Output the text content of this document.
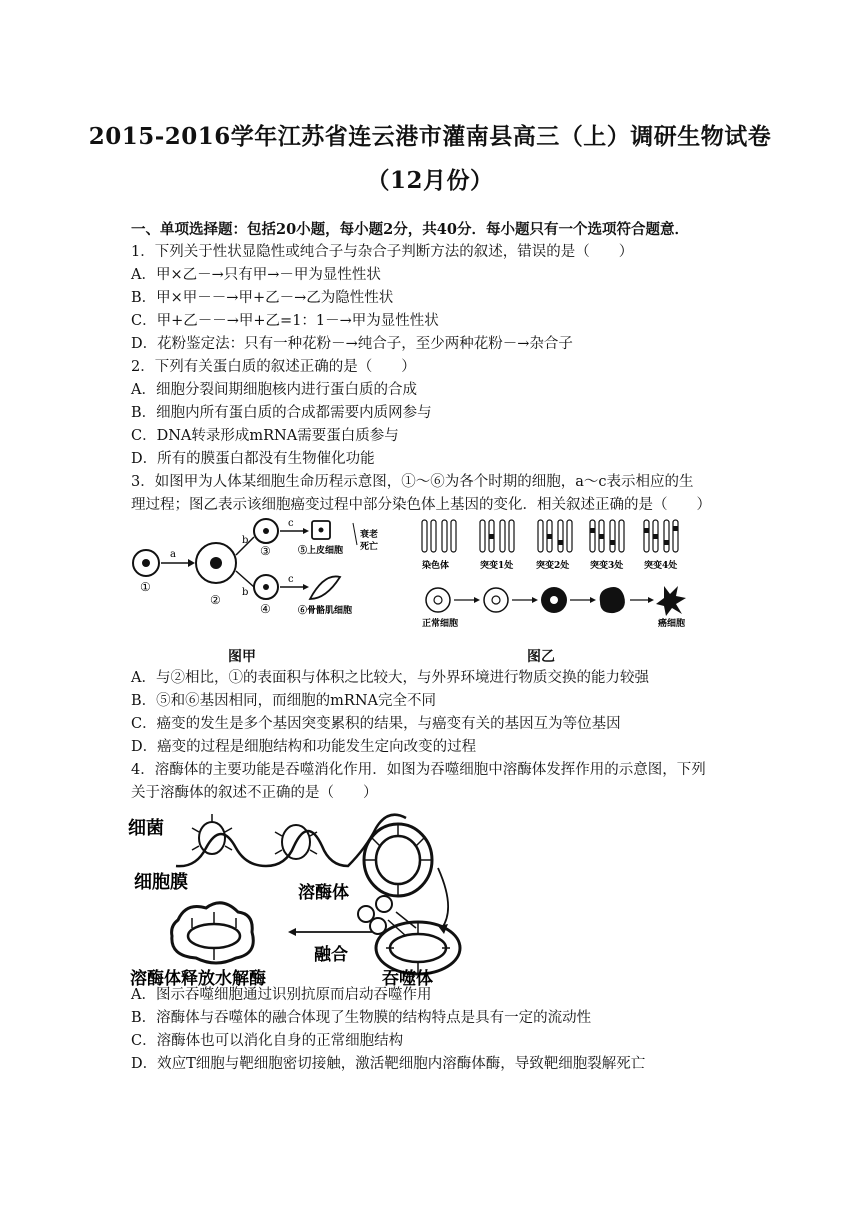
2015-2016学年江苏省连云港市灌南县高三（上）调研生物试卷
（12月份）
一、单项选择题：包括20小题，每小题2分，共40分．每小题只有一个选项符合题意．
1．下列关于性状显隐性或纯合子与杂合子判断方法的叙述，错误的是（　　）
A．甲×乙－→只有甲→－甲为显性性状
B．甲×甲－－→甲+乙－→乙为隐性性状
C．甲+乙－－→甲+乙=1：1－→甲为显性性状
D．花粉鉴定法：只有一种花粉－→纯合子，至少两种花粉－→杂合子
2．下列有关蛋白质的叙述正确的是（　　）
A．细胞分裂间期细胞核内进行蛋白质的合成
B．细胞内所有蛋白质的合成都需要内质网参与
C．DNA转录形成mRNA需要蛋白质参与
D．所有的膜蛋白都没有生物催化功能
3．如图甲为人体某细胞生命历程示意图，①～⑥为各个时期的细胞，a～c表示相应的生
理过程；图乙表示该细胞癌变过程中部分染色体上基因的变化．相关叙述正确的是（　　）
a
b
b
c
c
①
②
③
④
⑤上皮细胞
⑥骨骼肌细胞
衰老
死亡
图甲
染色体	突变1处	突变2处 突变3处 突变4处
正常细胞	癌细胞
图乙
A．与②相比，①的表面积与体积之比较大，与外界环境进行物质交换的能力较强
B．⑤和⑥基因相同，而细胞的mRNA完全不同
C．癌变的发生是多个基因突变累积的结果，与癌变有关的基因互为等位基因
D．癌变的过程是细胞结构和功能发生定向改变的过程
4．溶酶体的主要功能是吞噬消化作用．如图为吞噬细胞中溶酶体发挥作用的示意图，下列
关于溶酶体的叙述不正确的是（　　）
细菌
细胞膜	溶酶体
融合
吞噬体
溶酶体释放水解酶
A．图示吞噬细胞通过识别抗原而启动吞噬作用
B．溶酶体与吞噬体的融合体现了生物膜的结构特点是具有一定的流动性
C．溶酶体也可以消化自身的正常细胞结构
D．效应T细胞与靶细胞密切接触，激活靶细胞内溶酶体酶，导致靶细胞裂解死亡
